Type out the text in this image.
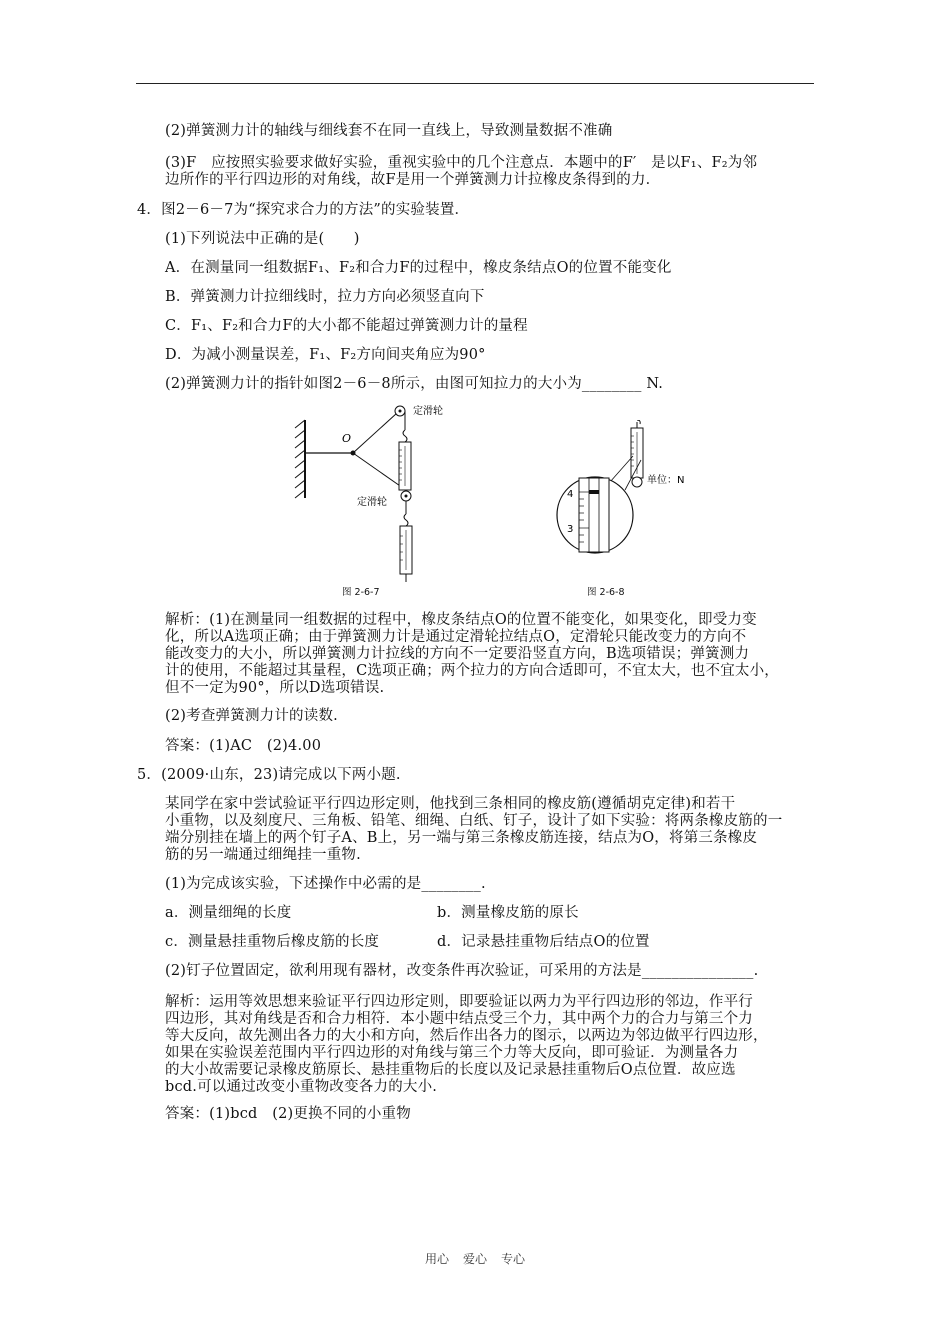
(2)弹簧测力计的轴线与细线套不在同一直线上，导致测量数据不准确
(3)F　应按照实验要求做好实验，重视实验中的几个注意点．本题中的F′　是以F₁、F₂为邻
边所作的平行四边形的对角线，故F是用一个弹簧测力计拉橡皮条得到的力．
4．图2－6－7为“探究求合力的方法”的实验装置．
(1)下列说法中正确的是(　　)
A．在测量同一组数据F₁、F₂和合力F的过程中，橡皮条结点O的位置不能变化
B．弹簧测力计拉细线时，拉力方向必须竖直向下
C．F₁、F₂和合力F的大小都不能超过弹簧测力计的量程
D．为减小测量误差，F₁、F₂方向间夹角应为90°
(2)弹簧测力计的指针如图2－6－8所示，由图可知拉力的大小为________ N.
O
定滑轮
定滑轮
图 2-6-7
4
3
单位：N
图 2-6-8
解析：(1)在测量同一组数据的过程中，橡皮条结点O的位置不能变化，如果变化，即受力变
化，所以A选项正确；由于弹簧测力计是通过定滑轮拉结点O，定滑轮只能改变力的方向不
能改变力的大小，所以弹簧测力计拉线的方向不一定要沿竖直方向，B选项错误；弹簧测力
计的使用，不能超过其量程，C选项正确；两个拉力的方向合适即可，不宜太大，也不宜太小，
但不一定为90°，所以D选项错误.
(2)考查弹簧测力计的读数.
答案：(1)AC　(2)4.00
5．(2009·山东，23)请完成以下两小题.
某同学在家中尝试验证平行四边形定则，他找到三条相同的橡皮筋(遵循胡克定律)和若干
小重物，以及刻度尺、三角板、铅笔、细绳、白纸、钉子，设计了如下实验：将两条橡皮筋的一
端分别挂在墙上的两个钉子A、B上，另一端与第三条橡皮筋连接，结点为O，将第三条橡皮
筋的另一端通过细绳挂一重物.
(1)为完成该实验，下述操作中必需的是________.
a．测量细绳的长度	b．测量橡皮筋的原长
c．测量悬挂重物后橡皮筋的长度	d．记录悬挂重物后结点O的位置
(2)钉子位置固定，欲利用现有器材，改变条件再次验证，可采用的方法是_______________.
解析：运用等效思想来验证平行四边形定则，即要验证以两力为平行四边形的邻边，作平行
四边形，其对角线是否和合力相符．本小题中结点受三个力，其中两个力的合力与第三个力
等大反向，故先测出各力的大小和方向，然后作出各力的图示，以两边为邻边做平行四边形，
如果在实验误差范围内平行四边形的对角线与第三个力等大反向，即可验证．为测量各力
的大小故需要记录橡皮筋原长、悬挂重物后的长度以及记录悬挂重物后O点位置．故应选
bcd.可以通过改变小重物改变各力的大小.
答案：(1)bcd　(2)更换不同的小重物
用心 爱心 专心
